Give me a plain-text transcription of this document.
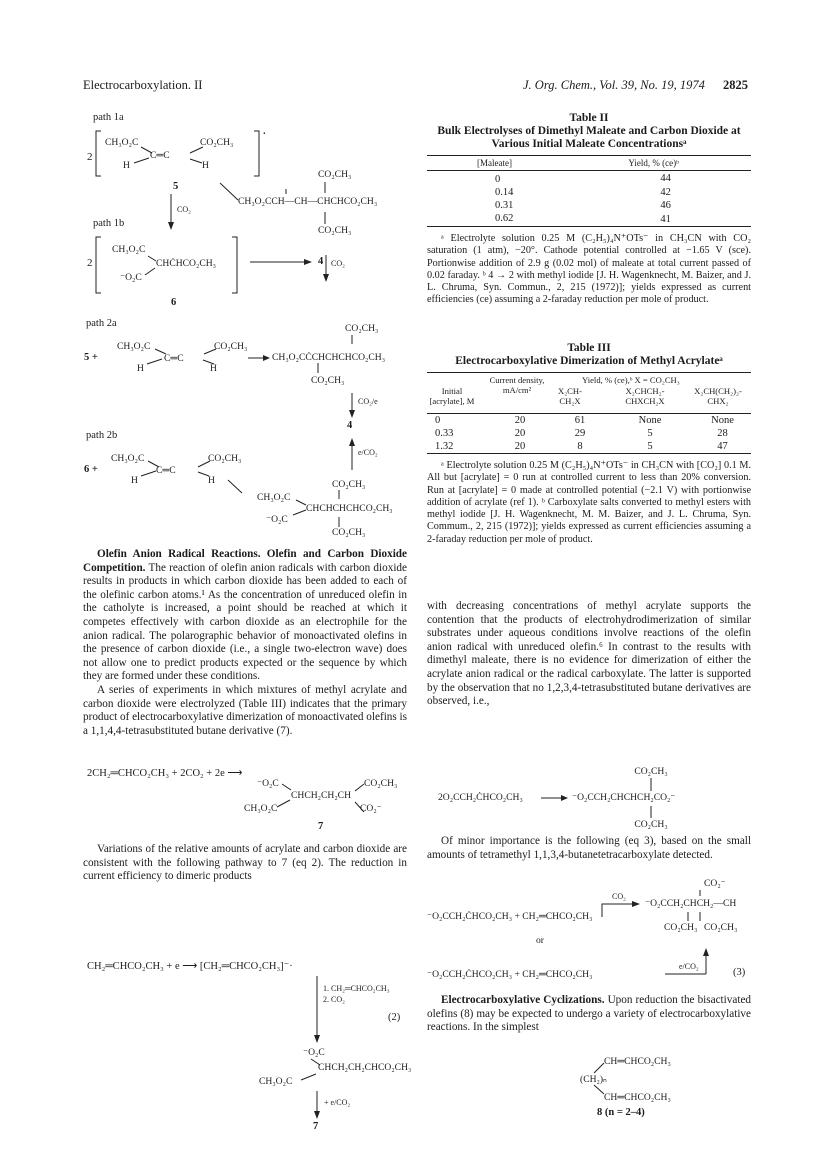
Electrocarboxylation. II	J. Org. Chem., Vol. 39, No. 19, 1974 2825
path 1a
2
CH₃O₂C	CO₂CH₃
C═C
H	H
·
5
CO₂
CO₂CH₃
CH₃O₂CCH—CH—CHCHCO₂CH₃
CO₂CH₃
CO₂
path 1b
2
CH₃O₂C
CHĊHCO₂CH₃
⁻O₂C
4
6
path 2a	CO₂CH₃
5 +
CH₃O₂C	CO₂CH₃
C═C
H	H
CH₃O₂CĊCHCHCHCO₂CH₃
CO₂CH₃
CO₂/e
4
path 2b
e/CO₂
6 +
CH₃O₂C	CO₂CH₃
C═C
H	H	CO₂CH₃
CH₃O₂C
CHCHCHCHCO₂CH₃
⁻O₂C
CO₂CH₃

Olefin Anion Radical Reactions. Olefin and Carbon Dioxide Competition. The reaction of olefin anion radicals with carbon dioxide results in products in which carbon dioxide has been added to each of the olefinic carbon atoms.¹ As the concentration of unreduced olefin in the catholyte is increased, a point should be reached at which it competes effectively with carbon dioxide as an electrophile for the anion radical. The polarographic behavior of monoactivated olefins in the presence of carbon dioxide (i.e., a single two-electron wave) does not allow one to predict products expected or the sequence by which they are formed under these conditions.

A series of experiments in which mixtures of methyl acrylate and carbon dioxide were electrolyzed (Table III) indicates that the primary product of electrocarboxylative dimerization of monoactivated olefins is a 1,1,4,4-tetrasubstituted butane derivative (7).

2CH₂═CHCO₂CH₃ + 2CO₂ + 2e ⟶
⁻O₂C	CO₂CH₃
CHCH₂CH₂CH
CH₃O₂C	CO₂⁻
7

Variations of the relative amounts of acrylate and carbon dioxide are consistent with the following pathway to 7 (eq 2). The reduction in current efficiency to dimeric products

CH₂═CHCO₂CH₃ + e ⟶ [CH₂═CHCO₂CH₃]⁻·
1. CH₂═CHCO₂CH₃
2. CO₂
(2)
⁻O₂C
CHCH₂CH₂CHCO₂CH₃
CH₃O₂C
+ e/CO₂
7
Table II
Bulk Electrolyses of Dimethyl Maleate and Carbon Dioxide at Various Initial Maleate Concentrationsᵃ
[Maleate]	Yield, % (ce)ᵇ
0	44
0.14	42
0.31	46
0.62	41
ᵃ Electrolyte solution 0.25 M (C₂H₅)₄N⁺OTs⁻ in CH₃CN with CO₂ saturation (1 atm), −20°. Cathode potential controlled at −1.65 V (sce). Portionwise addition of 2.9 g (0.02 mol) of maleate at total current passed of 0.02 faraday. ᵇ 4 → 2 with methyl iodide [J. H. Wagenknecht, M. Baizer, and J. L. Chruma, Syn. Commun., 2, 215 (1972)]; yields expressed as current efficiencies (ce) assuming a 2-faraday reduction per mole of product.
Table III
Electrocarboxylative Dimerization of Methyl Acrylateᵃ
Yield, % (ce),ᵇ X = CO₂CH₃
Initial [acrylate], M
Current density, mA/cm²	X₂CH-CH₂X
X₂CHCH₂-CHXCH₂X
X₂CH(CH₂)₂-CHX₂
0	20	61	None	None
0.33	20	29	5	28
1.32	20	8	5	47
ᵃ Electrolyte solution 0.25 M (C₂H₅)₄N⁺OTs⁻ in CH₃CN with [CO₂] 0.1 M. All but [acrylate] = 0 run at controlled current to less than 20% conversion. Run at [acrylate] = 0 made at controlled potential (−2.1 V) with portionwise addition of acrylate (ref 1). ᵇ Carboxylate salts converted to methyl esters with methyl iodide [J. H. Wagenknecht, M. M. Baizer, and J. L. Chruma, Syn. Commum., 2, 215 (1972)]; yields expressed as current efficiencies assuming a 2-faraday reduction per mole of product.

with decreasing concentrations of methyl acrylate supports the contention that the products of electrohydrodimerization of similar substrates under aqueous conditions involve reactions of the olefin anion radical with unreduced olefin.⁶ In contrast to the results with dimethyl maleate, there is no evidence for dimerization of either the acrylate anion radical or the radical carboxylate. The latter is supported by the observation that no 1,2,3,4-tetrasubstituted butane derivatives are observed, i.e.,

CO₂CH₃
2O₂CCH₂ĊHCO₂CH₃	⁻O₂CCH₂CHCHCH₂CO₂⁻
CO₂CH₃

Of minor importance is the following (eq 3), based on the small amounts of tetramethyl 1,1,3,4-butanetetracarboxylate detected.

CO₂⁻
CO₂
⁻O₂CCH₂CHCH₂—CH
⁻O₂CCH₂ĊHCO₂CH₃ + CH₂═CHCO₂CH₃
CO₂CH₃ CO₂CH₃
or
e/CO₂
⁻O₂CCH₂ĊHCO₂CH₃ + CH₂═CHCO₂CH₃	(3)

Electrocarboxylative Cyclizations. Upon reduction the bisactivated olefins (8) may be expected to undergo a variety of electrocarboxylative reactions. In the simplest

CH═CHCO₂CH₃
(CH₂)ₙ
CH═CHCO₂CH₃
8 (n = 2–4)
